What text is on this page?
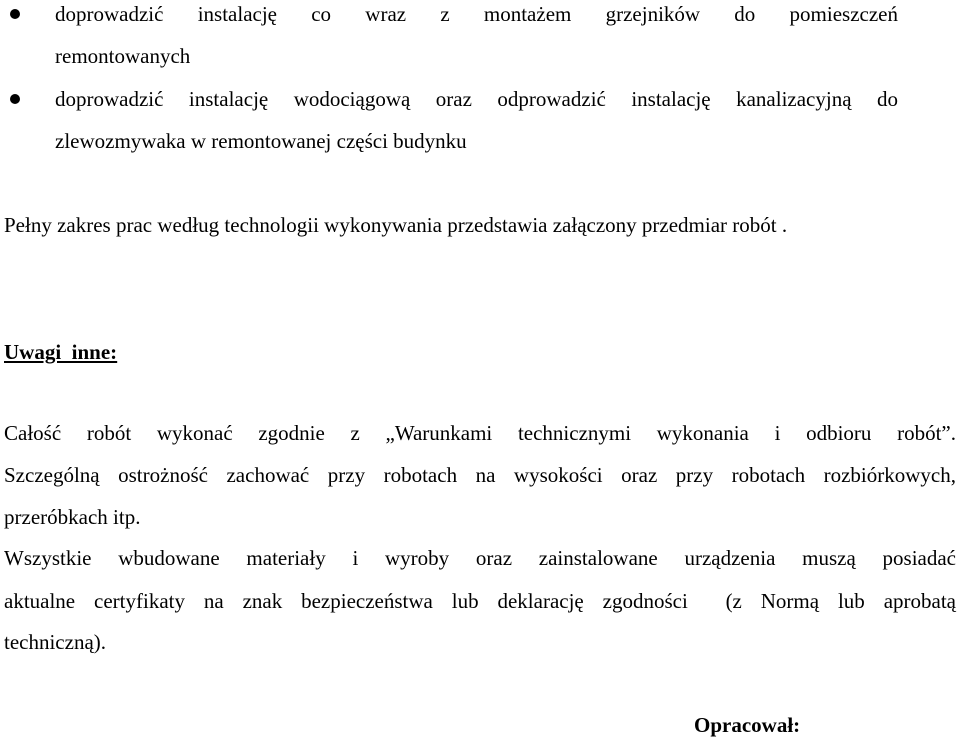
doprowadzić instalację co wraz z montażem grzejników do pomieszczeń
remontowanych
doprowadzić instalację wodociągową oraz odprowadzić instalację kanalizacyjną do
zlewozmywaka w remontowanej części budynku
Pełny zakres prac według technologii wykonywania przedstawia załączony przedmiar robót .
Uwagi  inne:
Całość robót wykonać zgodnie z „Warunkami technicznymi wykonania i odbioru robót”.
Szczególną ostrożność zachować przy robotach na wysokości oraz przy robotach rozbiórkowych,
przeróbkach itp.
Wszystkie wbudowane materiały i wyroby oraz zainstalowane urządzenia muszą posiadać
aktualne certyfikaty na znak bezpieczeństwa lub deklarację zgodności  (z Normą lub aprobatą
techniczną).
Opracował:
